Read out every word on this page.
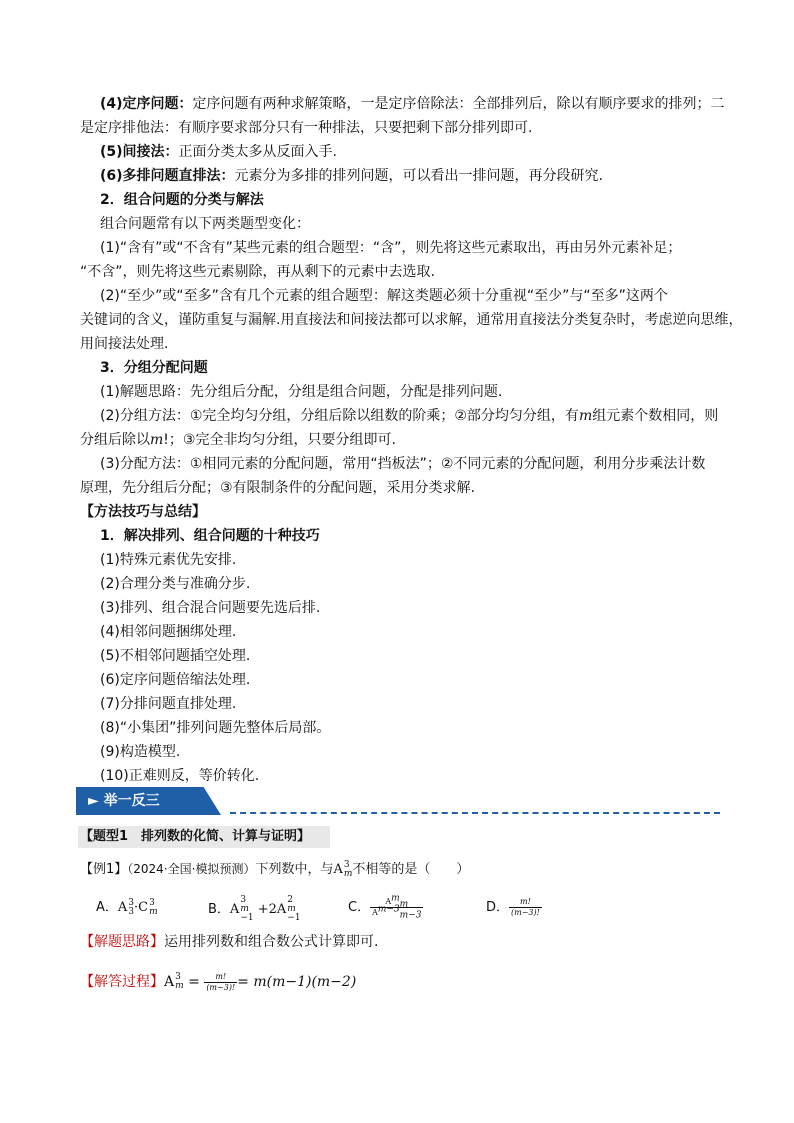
(4)定序问题：定序问题有两种求解策略，一是定序倍除法：全部排列后，除以有顺序要求的排列；二
是定序排他法：有顺序要求部分只有一种排法，只要把剩下部分排列即可.
(5)间接法：正面分类太多从反面入手.
(6)多排问题直排法：元素分为多排的排列问题，可以看出一排问题，再分段研究.
2．组合问题的分类与解法
组合问题常有以下两类题型变化：
(1)“含有”或“不含有”某些元素的组合题型：“含”，则先将这些元素取出，再由另外元素补足；
“不含”，则先将这些元素剔除，再从剩下的元素中去选取.
(2)“至少”或“至多”含有几个元素的组合题型：解这类题必须十分重视“至少”与“至多”这两个
关键词的含义，谨防重复与漏解.用直接法和间接法都可以求解，通常用直接法分类复杂时，考虑逆向思维，
用间接法处理.
3．分组分配问题
(1)解题思路：先分组后分配，分组是组合问题，分配是排列问题.
(2)分组方法：①完全均匀分组，分组后除以组数的阶乘；②部分均匀分组，有m组元素个数相同，则
分组后除以m!；③完全非均匀分组，只要分组即可.
(3)分配方法：①相同元素的分配问题，常用“挡板法”；②不同元素的分配问题，利用分步乘法计数
原理，先分组后分配；③有限制条件的分配问题，采用分类求解.
【方法技巧与总结】
1．解决排列、组合问题的十种技巧
(1)特殊元素优先安排.
(2)合理分类与准确分步.
(3)排列、组合混合问题要先选后排.
(4)相邻问题捆绑处理.
(5)不相邻问题插空处理.
(6)定序问题倍缩法处理.
(7)分排问题直排处理.
(8)“小集团”排列问题先整体后局部。
(9)构造模型.
(10)正难则反，等价转化.
► 举一反三
【题型1　排列数的化简、计算与证明】
【例1】（2024·全国·模拟预测）下列数中，与A 3
m 不相等的是（　　）
A．A 3
3 ·C 3
m	B．A
3
m
−1 +2A
2
m
−1
C． $\frac{A^m_m}{A^{m-3}_{m-3}}$	D． $\frac{m!}{(m-3)!}$
【解题思路】运用排列数和组合数公式计算即可.
【解答过程】A 3
$m = \frac{m!}{(m-3)!} = m(m-1)(m-2)$
